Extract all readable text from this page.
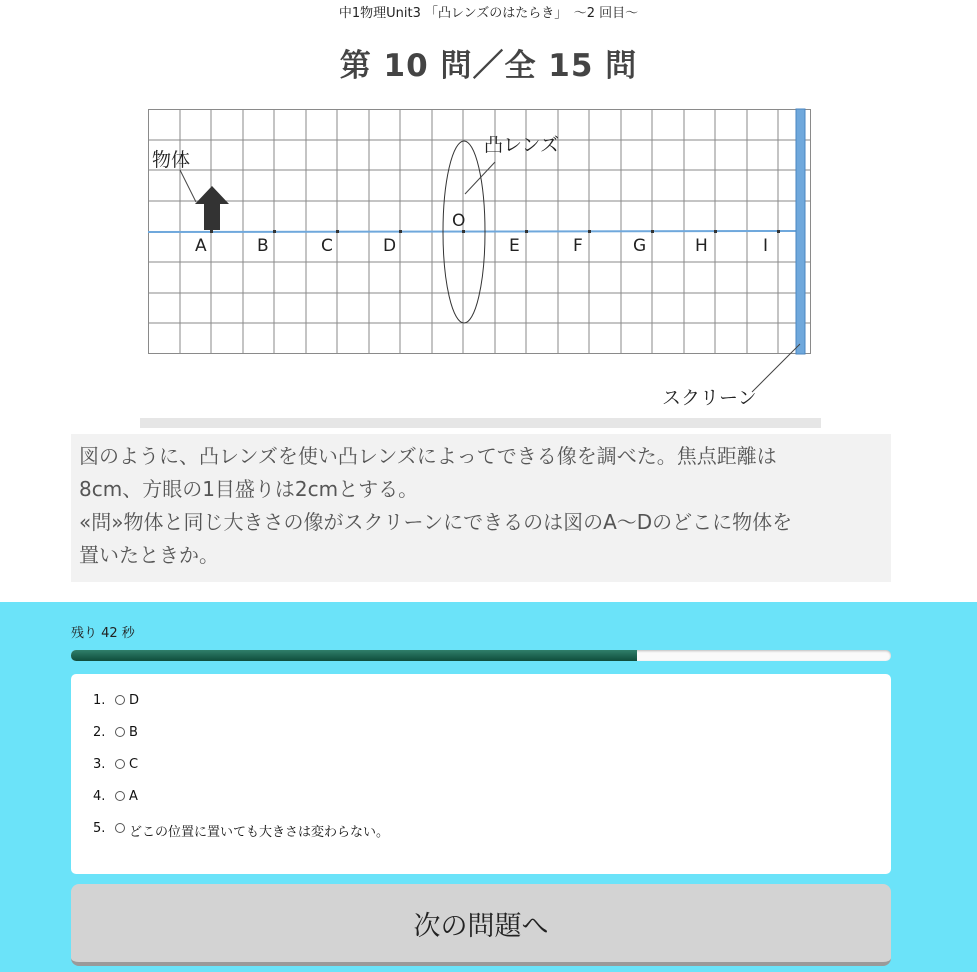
中1物理Unit3 「凸レンズのはたらき」　～2 回目～
第 10 問／全 15 問
スクリーン
凸レンズ
O
物体
A	B	C	D	E	F	G	H	I

図のように、凸レンズを使い凸レンズによってできる像を調べた。焦点距離は

8cm、方眼の1目盛りは2cmとする。

«問»物体と同じ大きさの像がスクリーンにできるのは図のA～Dのどこに物体を

置いたときか。

残り 42 秒
1.	D
2.	B
3.	C
4.	A
5.	どこの位置に置いても大きさは変わらない。
次の問題へ
